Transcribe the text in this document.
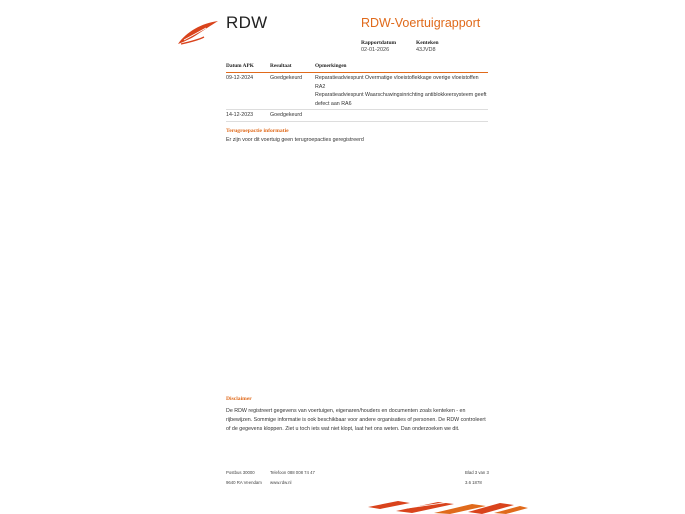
RDW	RDW-Voertuigrapport
Rapportdatum
02-01-2026
Kenteken
43JVD8
Datum APK	Resultaat	Opmerkingen
09-12-2024	Goedgekeurd	Reparatieadviespunt Overmatige vloeistoflekkage overige vloeistoffen RA2
Reparatieadviespunt Waarschuwingsinrichting antiblokkeersysteem geeft defect aan RA6
14-12-2023	Goedgekeurd
Terugroepactie informatie
Er zijn voor dit voertuig geen terugroepacties geregistreerd
Disclaimer
De RDW registreert gegevens van voertuigen, eigenaren/houders en documenten zoals kenteken - en rijbewijzen. Sommige informatie is ook beschikbaar voor andere organisaties of personen. De RDW controleert of de gegevens kloppen. Ziet u toch iets wat niet klopt, laat het ons weten. Dan onderzoeken we dit.
Postbus 30000
9640 RA Veendam
Telefoon 088 008 74 47
www.rdw.nl
Blad 3 van 3
3.6 1878
